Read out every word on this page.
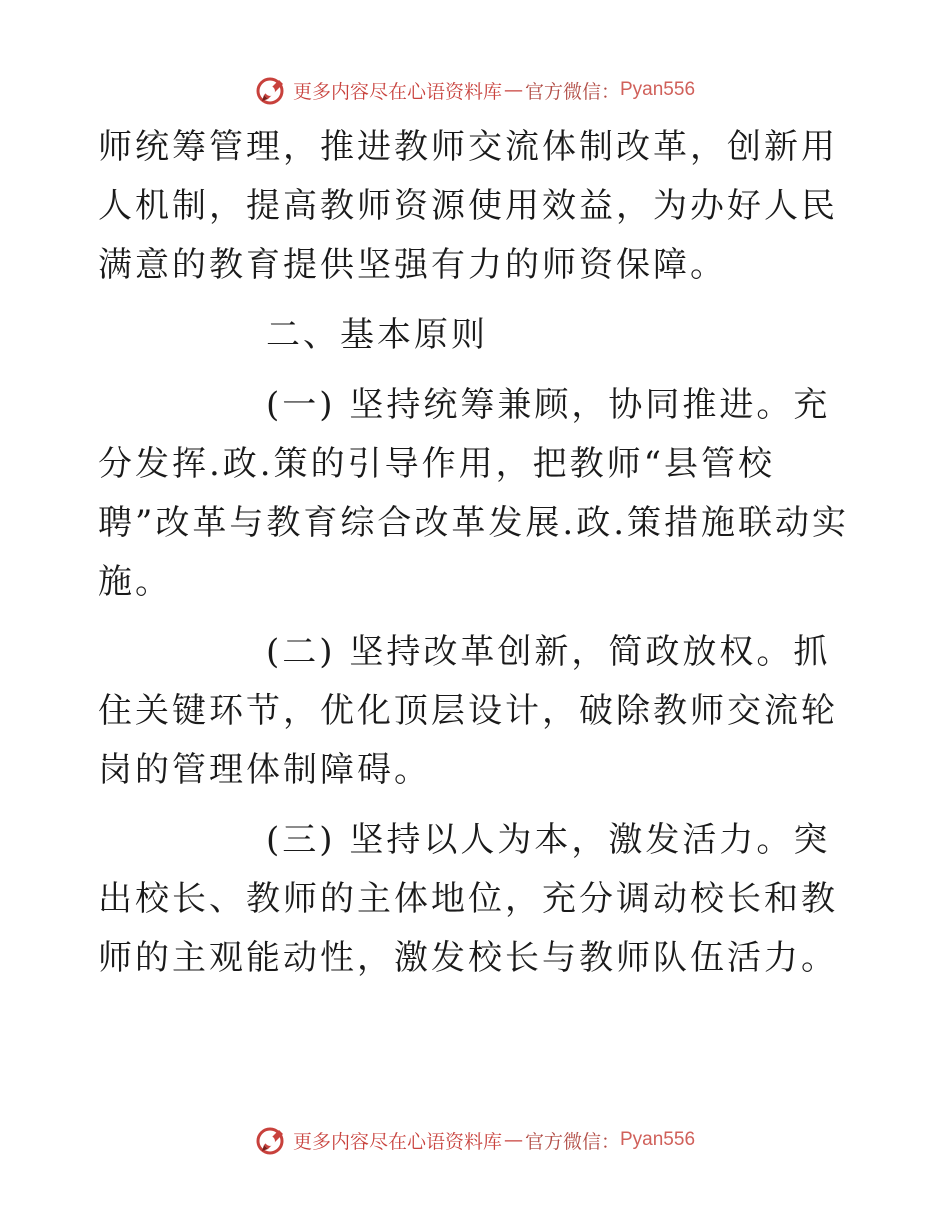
更多内容尽在心语资料库 — 官方微信： Pyan556

师统筹管理，推进教师交流体制改革，创新用人机制，提高教师资源使用效益，为办好人民满意的教育提供坚强有力的师资保障。

二、基本原则

(一) 坚持统筹兼顾，协同推进。充分发挥.政.策的引导作用，把教师“县管校聘”改革与教育综合改革发展.政.策措施联动实施。

(二) 坚持改革创新，简政放权。抓住关键环节，优化顶层设计，破除教师交流轮岗的管理体制障碍。

(三) 坚持以人为本，激发活力。突出校长、教师的主体地位，充分调动校长和教师的主观能动性，激发校长与教师队伍活力。

更多内容尽在心语资料库 — 官方微信： Pyan556
